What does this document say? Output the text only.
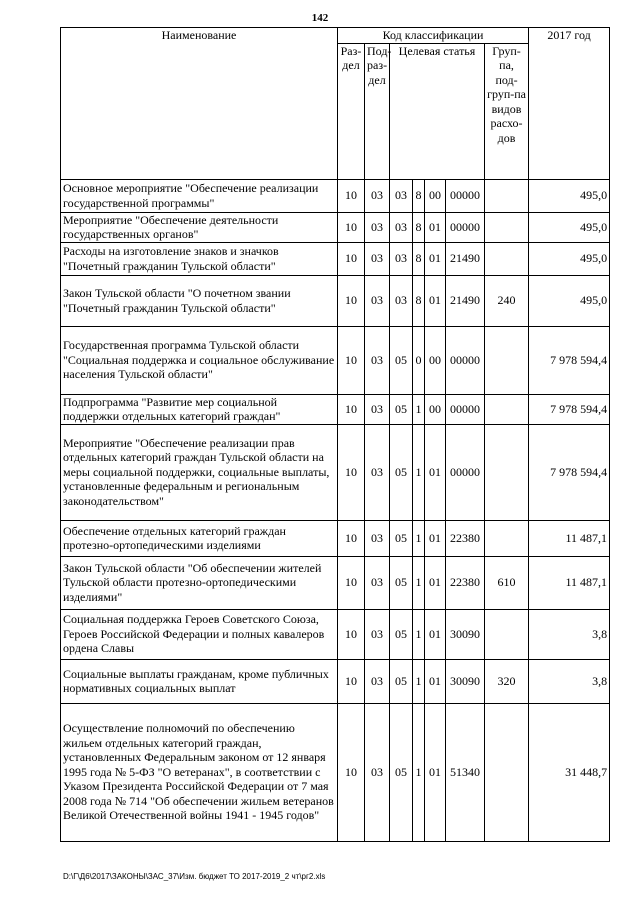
142
Наименование	Код классификации							2017 год
	Раз-дел	Под-раз-дел	Целевая статья				Груп-па, под-груп-па видов расхо-дов	
Основное мероприятие "Обеспечение реализации государственной программы"	10	03	03	8	00	00000		495,0
Мероприятие "Обеспечение деятельности государственных органов"	10	03	03	8	01	00000		495,0
Расходы на изготовление знаков и значков "Почетный гражданин Тульской области"	10	03	03	8	01	21490		495,0
Закон Тульской области "О почетном звании "Почетный гражданин Тульской области"	10	03	03	8	01	21490	240	495,0
Государственная программа Тульской области "Социальная поддержка и социальное обслуживание населения Тульской области"	10	03	05	0	00	00000		7 978 594,4
Подпрограмма "Развитие мер социальной поддержки отдельных категорий граждан"	10	03	05	1	00	00000		7 978 594,4
Мероприятие "Обеспечение реализации прав отдельных категорий граждан Тульской области на меры социальной поддержки, социальные выплаты, установленные федеральным и региональным законодательством"	10	03	05	1	01	00000		7 978 594,4
Обеспечение отдельных категорий граждан протезно-ортопедическими изделиями	10	03	05	1	01	22380		11 487,1
Закон Тульской области "Об обеспечении жителей Тульской области протезно-ортопедическими изделиями"	10	03	05	1	01	22380	610	11 487,1
Социальная поддержка Героев Советского Союза, Героев Российской Федерации и полных кавалеров ордена Славы	10	03	05	1	01	30090		3,8
Социальные выплаты гражданам, кроме публичных нормативных социальных выплат	10	03	05	1	01	30090	320	3,8
Осуществление полномочий по обеспечению жильем отдельных категорий граждан, установленных Федеральным законом от 12 января 1995 года № 5-ФЗ "О ветеранах", в соответствии с Указом Президента Российской Федерации от 7 мая 2008 года № 714 "Об обеспечении жильем ветеранов Великой Отечественной войны 1941 - 1945 годов"	10	03	05	1	01	51340		31 448,7
D:\Г\Д6\2017\ЗАКОНЫ\ЗАС_37\Изм. бюджет ТО 2017-2019_2 чт\рг2.xls
